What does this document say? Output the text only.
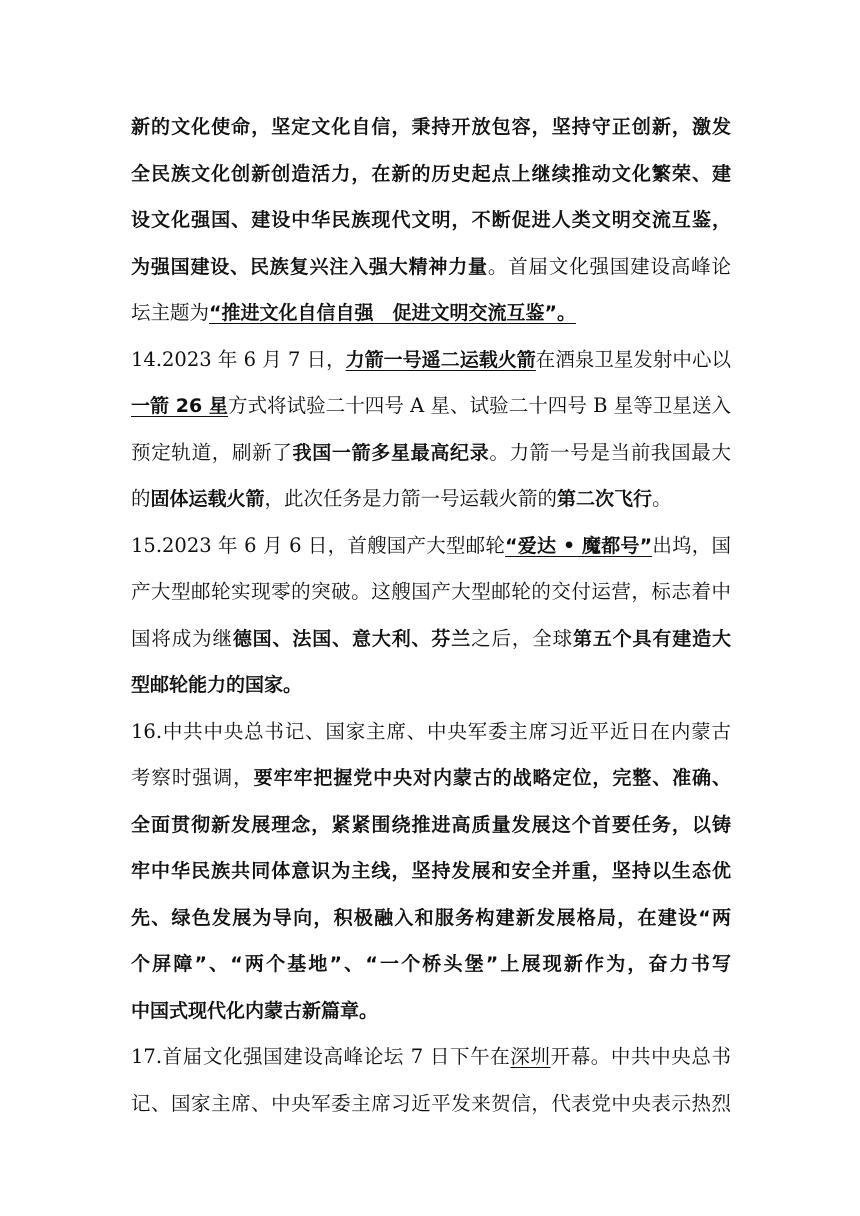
新的文化使命，坚定文化自信，秉持开放包容，坚持守正创新，激发
全民族文化创新创造活力，在新的历史起点上继续推动文化繁荣、建
设文化强国、建设中华民族现代文明，不断促进人类文明交流互鉴，
为强国建设、民族复兴注入强大精神力量。首届文化强国建设高峰论
坛主题为“推进文化自信自强　促进文明交流互鉴”。
14.2023 年 6 月 7 日，力箭一号遥二运载火箭在酒泉卫星发射中心以
一箭 26 星方式将试验二十四号 A 星、试验二十四号 B 星等卫星送入
预定轨道，刷新了我国一箭多星最高纪录。力箭一号是当前我国最大
的固体运载火箭，此次任务是力箭一号运载火箭的第二次飞行。
15.2023 年 6 月 6 日，首艘国产大型邮轮“爱达 • 魔都号”出坞，国
产大型邮轮实现零的突破。这艘国产大型邮轮的交付运营，标志着中
国将成为继德国、法国、意大利、芬兰之后，全球第五个具有建造大
型邮轮能力的国家。
16.中共中央总书记、国家主席、中央军委主席习近平近日在内蒙古
考察时强调，要牢牢把握党中央对内蒙古的战略定位，完整、准确、
全面贯彻新发展理念，紧紧围绕推进高质量发展这个首要任务，以铸
牢中华民族共同体意识为主线，坚持发展和安全并重，坚持以生态优
先、绿色发展为导向，积极融入和服务构建新发展格局，在建设“两
个屏障”、“两个基地”、“一个桥头堡”上展现新作为，奋力书写
中国式现代化内蒙古新篇章。
17.首届文化强国建设高峰论坛 7 日下午在深圳开幕。中共中央总书
记、国家主席、中央军委主席习近平发来贺信，代表党中央表示热烈
